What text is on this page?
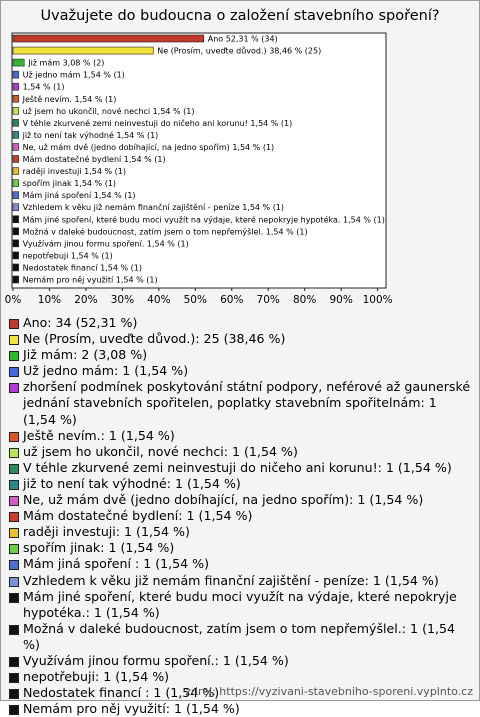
Uvažujete do budoucna o založení stavebního spoření?
Ano 52,31 % (34)
Ne (Prosím, uveďte důvod.) 38,46 % (25)
Již mám 3,08 % (2)
Už jedno mám 1,54 % (1)
1,54 % (1)
Ještě nevím. 1,54 % (1)
už jsem ho ukončil, nové nechci 1,54 % (1)
V téhle zkurvené zemi neinvestuji do ničeho ani korunu! 1,54 % (1)
již to není tak výhodné 1,54 % (1)
Ne, už mám dvě (jedno dobíhající, na jedno spořím) 1,54 % (1)
Mám dostatečné bydlení 1,54 % (1)
raději investuji 1,54 % (1)
spořím jinak 1,54 % (1)
Mám jiná spoření 1,54 % (1)
Vzhledem k věku již nemám finanční zajištění - peníze 1,54 % (1)
Mám jiné spoření, které budu moci využít na výdaje, které nepokryje hypotéka. 1,54 % (1)
Možná v daleké budoucnost, zatím jsem o tom nepřemýšlel. 1,54 % (1)
Využívám jinou formu spoření. 1,54 % (1)
nepotřebuji 1,54 % (1)
Nedostatek financí 1,54 % (1)
Nemám pro něj využití 1,54 % (1)
0% 10% 20% 30% 40% 50% 60% 70% 80% 90% 100%
Ano: 34 (52,31 %)
Ne (Prosím, uveďte důvod.): 25 (38,46 %)
Již mám: 2 (3,08 %)
Už jedno mám: 1 (1,54 %)
zhoršení podmínek poskytování státní podpory, neférové až gaunerské jednání stavebních spořitelen, poplatky stavebním spořitelnám: 1 (1,54 %)
Ještě nevím.: 1 (1,54 %)
už jsem ho ukončil, nové nechci: 1 (1,54 %)
V téhle zkurvené zemi neinvestuji do ničeho ani korunu!: 1 (1,54 %)
již to není tak výhodné: 1 (1,54 %)
Ne, už mám dvě (jedno dobíhající, na jedno spořím): 1 (1,54 %)
Mám dostatečné bydlení: 1 (1,54 %)
raději investuji: 1 (1,54 %)
spořím jinak: 1 (1,54 %)
Mám jiná spoření : 1 (1,54 %)
Vzhledem k věku již nemám finanční zajištění - peníze: 1 (1,54 %)
Mám jiné spoření, které budu moci využít na výdaje, které nepokryje hypotéka.: 1 (1,54 %)
Možná v daleké budoucnost, zatím jsem o tom nepřemýšlel.: 1 (1,54 %)
Využívám jinou formu spoření.: 1 (1,54 %)
nepotřebuji: 1 (1,54 %)
Nedostatek financí : 1 (1,54 %)
Nemám pro něj využití: 1 (1,54 %)
zdroj: https://vyzivani-stavebniho-sporeni.vyplnto.cz
